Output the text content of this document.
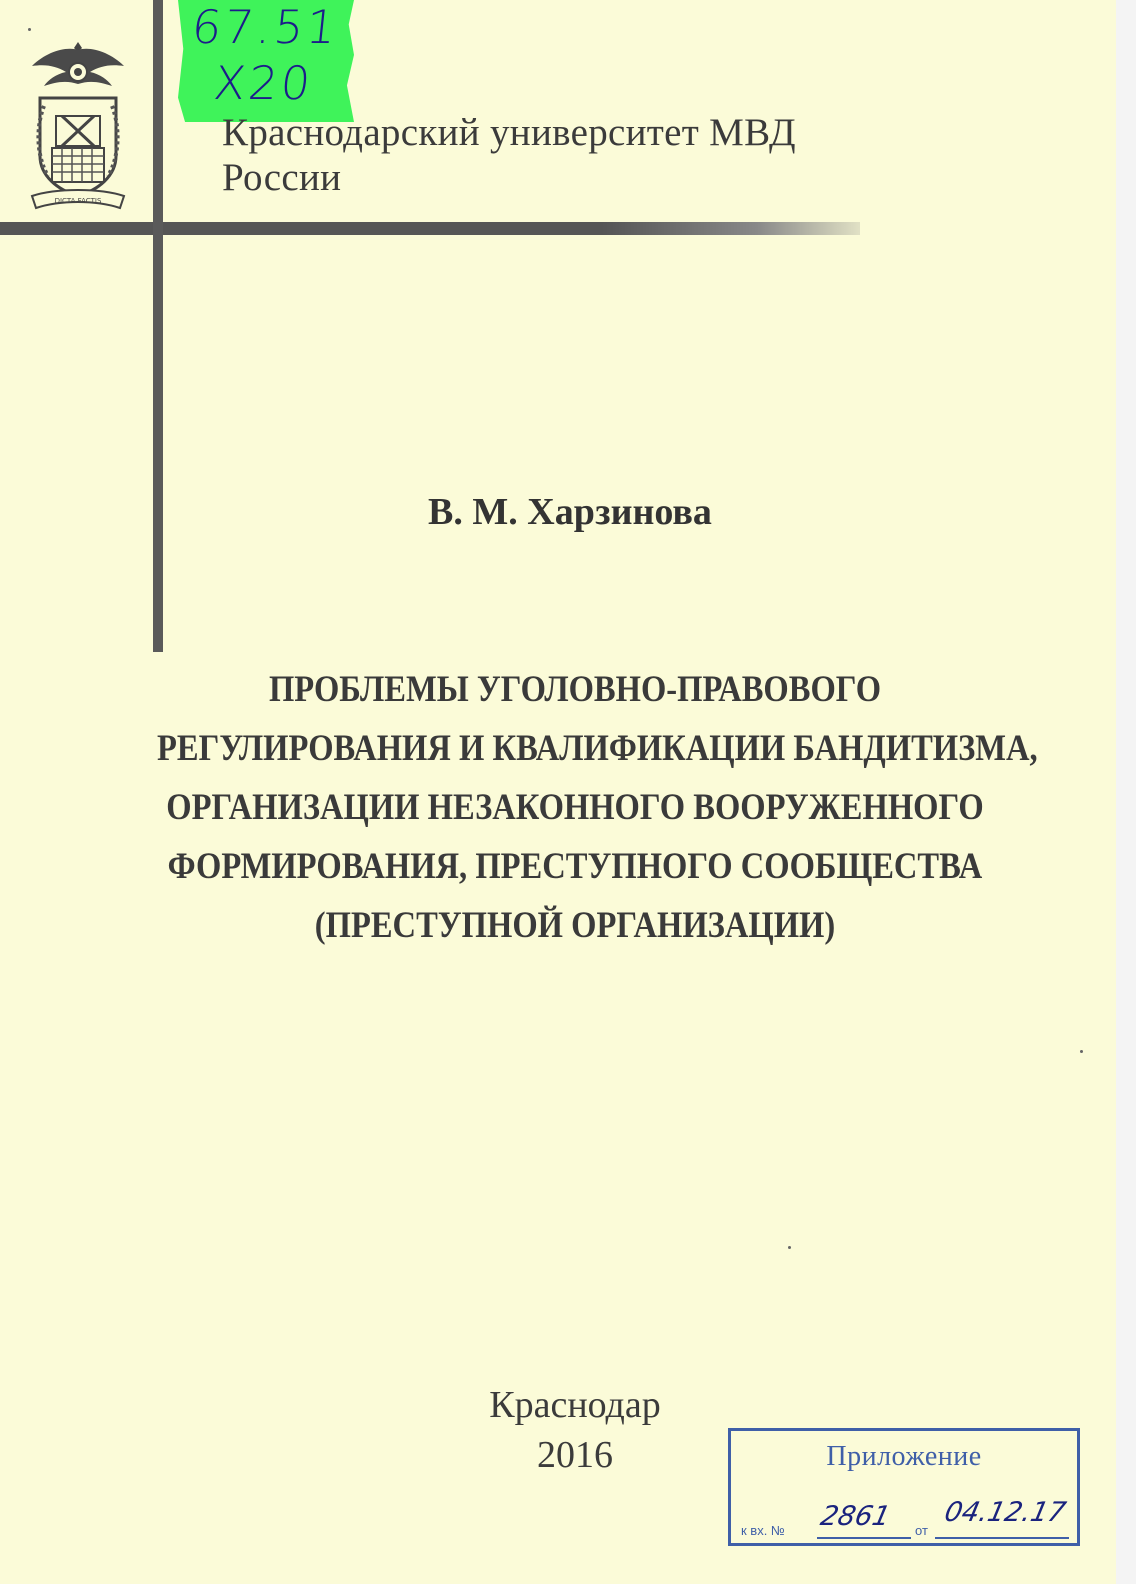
DICTA FACTIS
67.51
Х20
Краснодарский университет МВД России
В. М. Харзинова
ПРОБЛЕМЫ УГОЛОВНО-ПРАВОВОГО
РЕГУЛИРОВАНИЯ И КВАЛИФИКАЦИИ БАНДИТИЗМА,
ОРГАНИЗАЦИИ НЕЗАКОННОГО ВООРУЖЕННОГО
ФОРМИРОВАНИЯ, ПРЕСТУПНОГО СООБЩЕСТВА
(ПРЕСТУПНОЙ ОРГАНИЗАЦИИ)
Краснодар
2016	Приложение
к вх. № 2861 от
04.12.17
